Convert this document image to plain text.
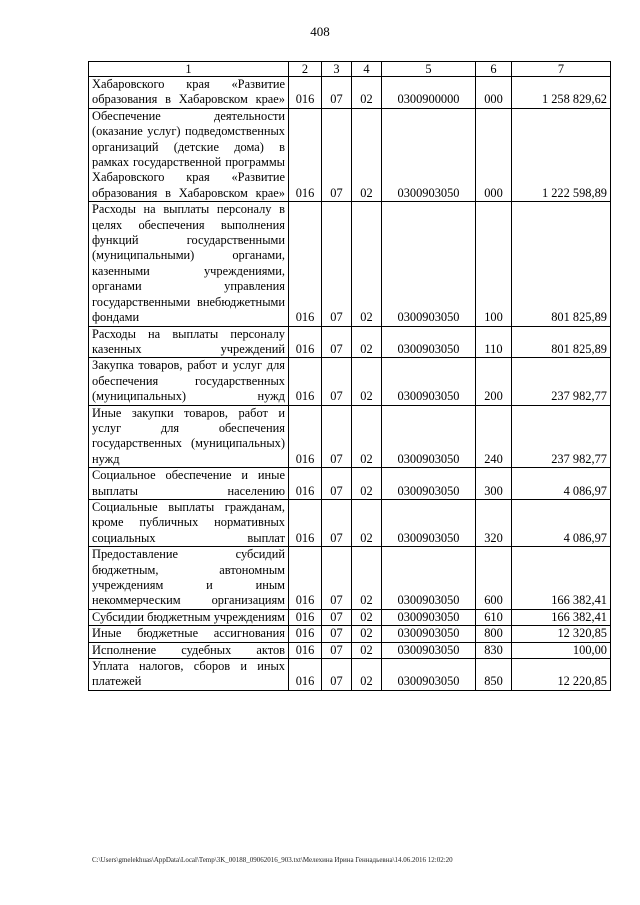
408
1	2	3	4	5	6	7
Хабаровского края «Развитие образования в Хабаровском крае»	016	07	02	0300900000	000	1 258 829,62
Обеспечение деятельности (оказание услуг) подведомственных организаций (детские дома) в рамках государственной программы Хабаровского края «Развитие образования в Хабаровском крае»	016	07	02	0300903050	000	1 222 598,89
Расходы на выплаты персоналу в целях обеспечения выполнения функций государственными (муниципальными) органами, казенными учреждениями, органами управления государственными внебюджетными фондами	016	07	02	0300903050	100	801 825,89
Расходы на выплаты персоналу казенных учреждений	016	07	02	0300903050	110	801 825,89
Закупка товаров, работ и услуг для обеспечения государственных (муниципальных) нужд	016	07	02	0300903050	200	237 982,77
Иные закупки товаров, работ и услуг для обеспечения государственных (муниципальных) нужд	016	07	02	0300903050	240	237 982,77
Социальное обеспечение и иные выплаты населению	016	07	02	0300903050	300	4 086,97
Социальные выплаты гражданам, кроме публичных нормативных социальных выплат	016	07	02	0300903050	320	4 086,97
Предоставление субсидий бюджетным, автономным учреждениям и иным некоммерческим организациям	016	07	02	0300903050	600	166 382,41
Субсидии бюджетным учреждениям	016	07	02	0300903050	610	166 382,41
Иные бюджетные ассигнования	016	07	02	0300903050	800	12 320,85
Исполнение судебных актов	016	07	02	0300903050	830	100,00
Уплата налогов, сборов и иных платежей	016	07	02	0300903050	850	12 220,85
C:\Users\gmelekhuas\AppData\Local\Temp\3K_00188_09062016_903.txt\Мелехина Ирина Геннадьевна\14.06.2016 12:02:20
